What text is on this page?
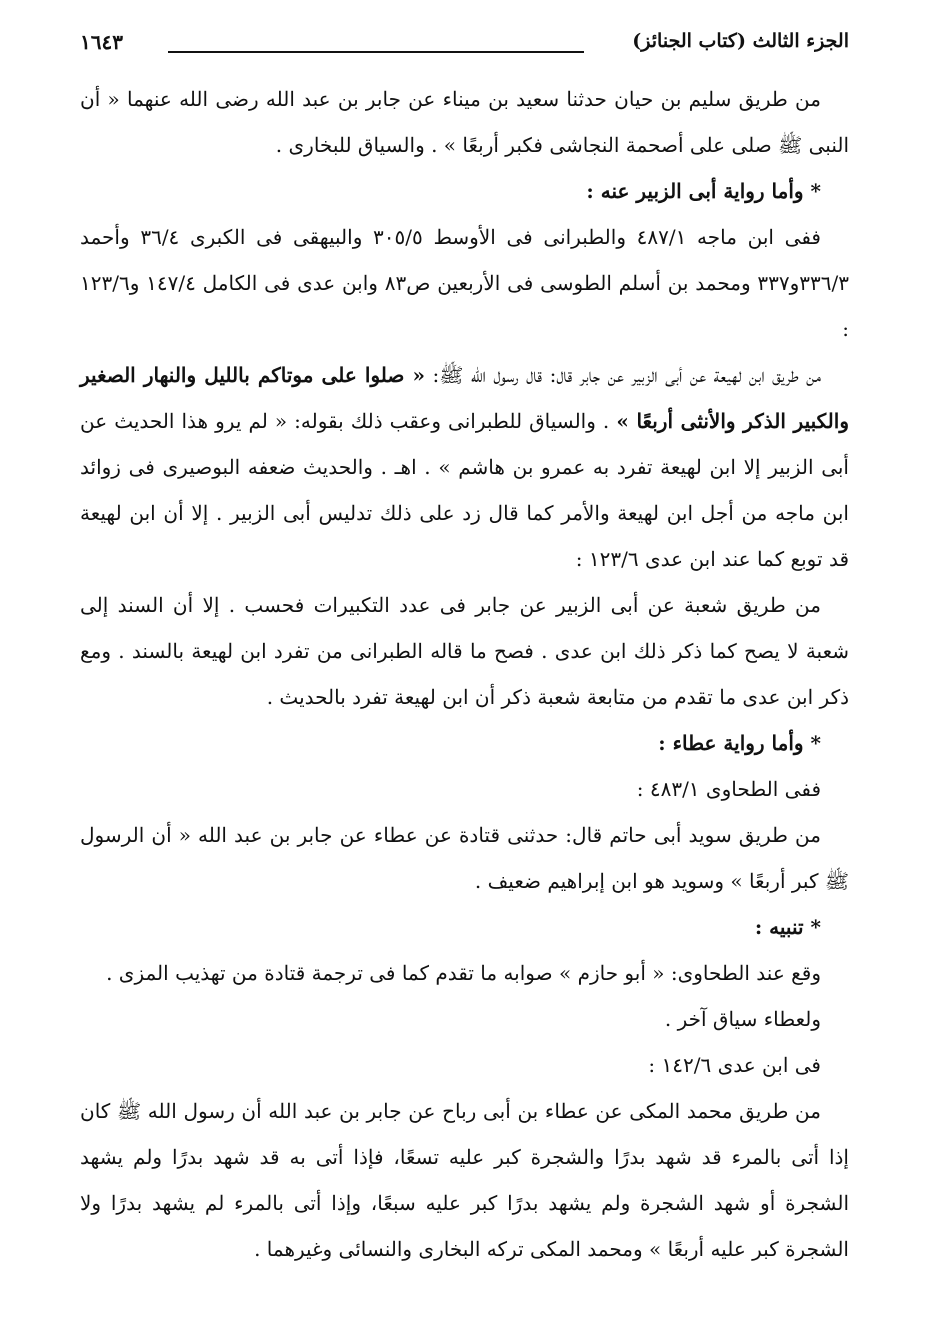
الجزء الثالث (كتاب الجنائز)
١٦٤٣

من طريق سليم بن حيان حدثنا سعيد بن ميناء عن جابر بن عبد الله رضى الله عنهما « أن النبى ﷺ صلى على أصحمة النجاشى فكبر أربعًا » . والسياق للبخارى .

* وأما رواية أبى الزبير عنه :

ففى ابن ماجه ٤٨٧/١ والطبرانى فى الأوسط ٣٠٥/٥ والبيهقى فى الكبرى ٣٦/٤ وأحمد ٣٣٦/٣و٣٣٧ ومحمد بن أسلم الطوسى فى الأربعين ص٨٣ وابن عدى فى الكامل ١٤٧/٤ و١٢٣/٦ :

من طريق ابن لهيعة عن أبى الزبير عن جابر قال: قال رسول الله ﷺ: « صلوا على موتاكم بالليل والنهار الصغير والكبير الذكر والأنثى أربعًا » . والسياق للطبرانى وعقب ذلك بقوله: « لم يرو هذا الحديث عن أبى الزبير إلا ابن لهيعة تفرد به عمرو بن هاشم » . اهـ . والحديث ضعفه البوصيرى فى زوائد ابن ماجه من أجل ابن لهيعة والأمر كما قال زد على ذلك تدليس أبى الزبير . إلا أن ابن لهيعة قد توبع كما عند ابن عدى ١٢٣/٦ :

من طريق شعبة عن أبى الزبير عن جابر فى عدد التكبيرات فحسب . إلا أن السند إلى شعبة لا يصح كما ذكر ذلك ابن عدى . فصح ما قاله الطبرانى من تفرد ابن لهيعة بالسند . ومع ذكر ابن عدى ما تقدم من متابعة شعبة ذكر أن ابن لهيعة تفرد بالحديث .

* وأما رواية عطاء :

ففى الطحاوى ٤٨٣/١ :

من طريق سويد أبى حاتم قال: حدثنى قتادة عن عطاء عن جابر بن عبد الله « أن الرسول ﷺ كبر أربعًا » وسويد هو ابن إبراهيم ضعيف .

* تنبيه :

وقع عند الطحاوى: « أبو حازم » صوابه ما تقدم كما فى ترجمة قتادة من تهذيب المزى .

ولعطاء سياق آخر .

فى ابن عدى ١٤٢/٦ :

من طريق محمد المكى عن عطاء بن أبى رباح عن جابر بن عبد الله أن رسول الله ﷺ كان إذا أتى بالمرء قد شهد بدرًا والشجرة كبر عليه تسعًا، فإذا أتى به قد شهد بدرًا ولم يشهد الشجرة أو شهد الشجرة ولم يشهد بدرًا كبر عليه سبعًا، وإذا أتى بالمرء لم يشهد بدرًا ولا الشجرة كبر عليه أربعًا » ومحمد المكى تركه البخارى والنسائى وغيرهما .
